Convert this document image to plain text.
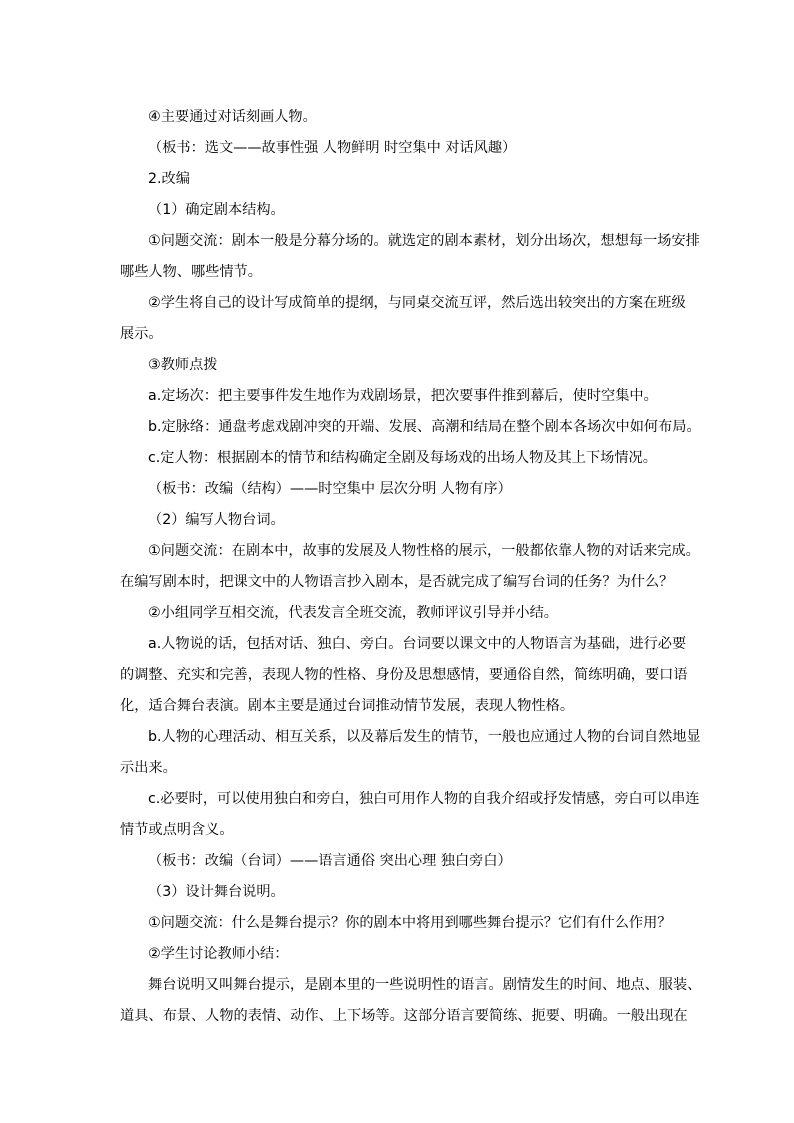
④主要通过对话刻画人物。

（板书：选文——故事性强 人物鲜明 时空集中 对话风趣）

2.改编

（1）确定剧本结构。

①问题交流：剧本一般是分幕分场的。就选定的剧本素材，划分出场次，想想每一场安排

哪些人物、哪些情节。

②学生将自己的设计写成简单的提纲，与同桌交流互评，然后选出较突出的方案在班级

展示。

③教师点拨

a.定场次：把主要事件发生地作为戏剧场景，把次要事件推到幕后，使时空集中。

b.定脉络：通盘考虑戏剧冲突的开端、发展、高潮和结局在整个剧本各场次中如何布局。

c.定人物：根据剧本的情节和结构确定全剧及每场戏的出场人物及其上下场情况。

（板书：改编（结构）——时空集中 层次分明 人物有序）

（2）编写人物台词。

①问题交流：在剧本中，故事的发展及人物性格的展示，一般都依靠人物的对话来完成。

在编写剧本时，把课文中的人物语言抄入剧本，是否就完成了编写台词的任务？为什么？

②小组同学互相交流，代表发言全班交流，教师评议引导并小结。

a.人物说的话，包括对话、独白、旁白。台词要以课文中的人物语言为基础，进行必要

的调整、充实和完善，表现人物的性格、身份及思想感情，要通俗自然，简练明确，要口语

化，适合舞台表演。剧本主要是通过台词推动情节发展，表现人物性格。

b.人物的心理活动、相互关系，以及幕后发生的情节，一般也应通过人物的台词自然地显

示出来。

c.必要时，可以使用独白和旁白，独白可用作人物的自我介绍或抒发情感，旁白可以串连

情节或点明含义。

（板书：改编（台词）——语言通俗 突出心理 独白旁白）

（3）设计舞台说明。

①问题交流：什么是舞台提示？你的剧本中将用到哪些舞台提示？它们有什么作用？

②学生讨论教师小结：

舞台说明又叫舞台提示，是剧本里的一些说明性的语言。剧情发生的时间、地点、服装、

道具、布景、人物的表情、动作、上下场等。这部分语言要简练、扼要、明确。一般出现在
